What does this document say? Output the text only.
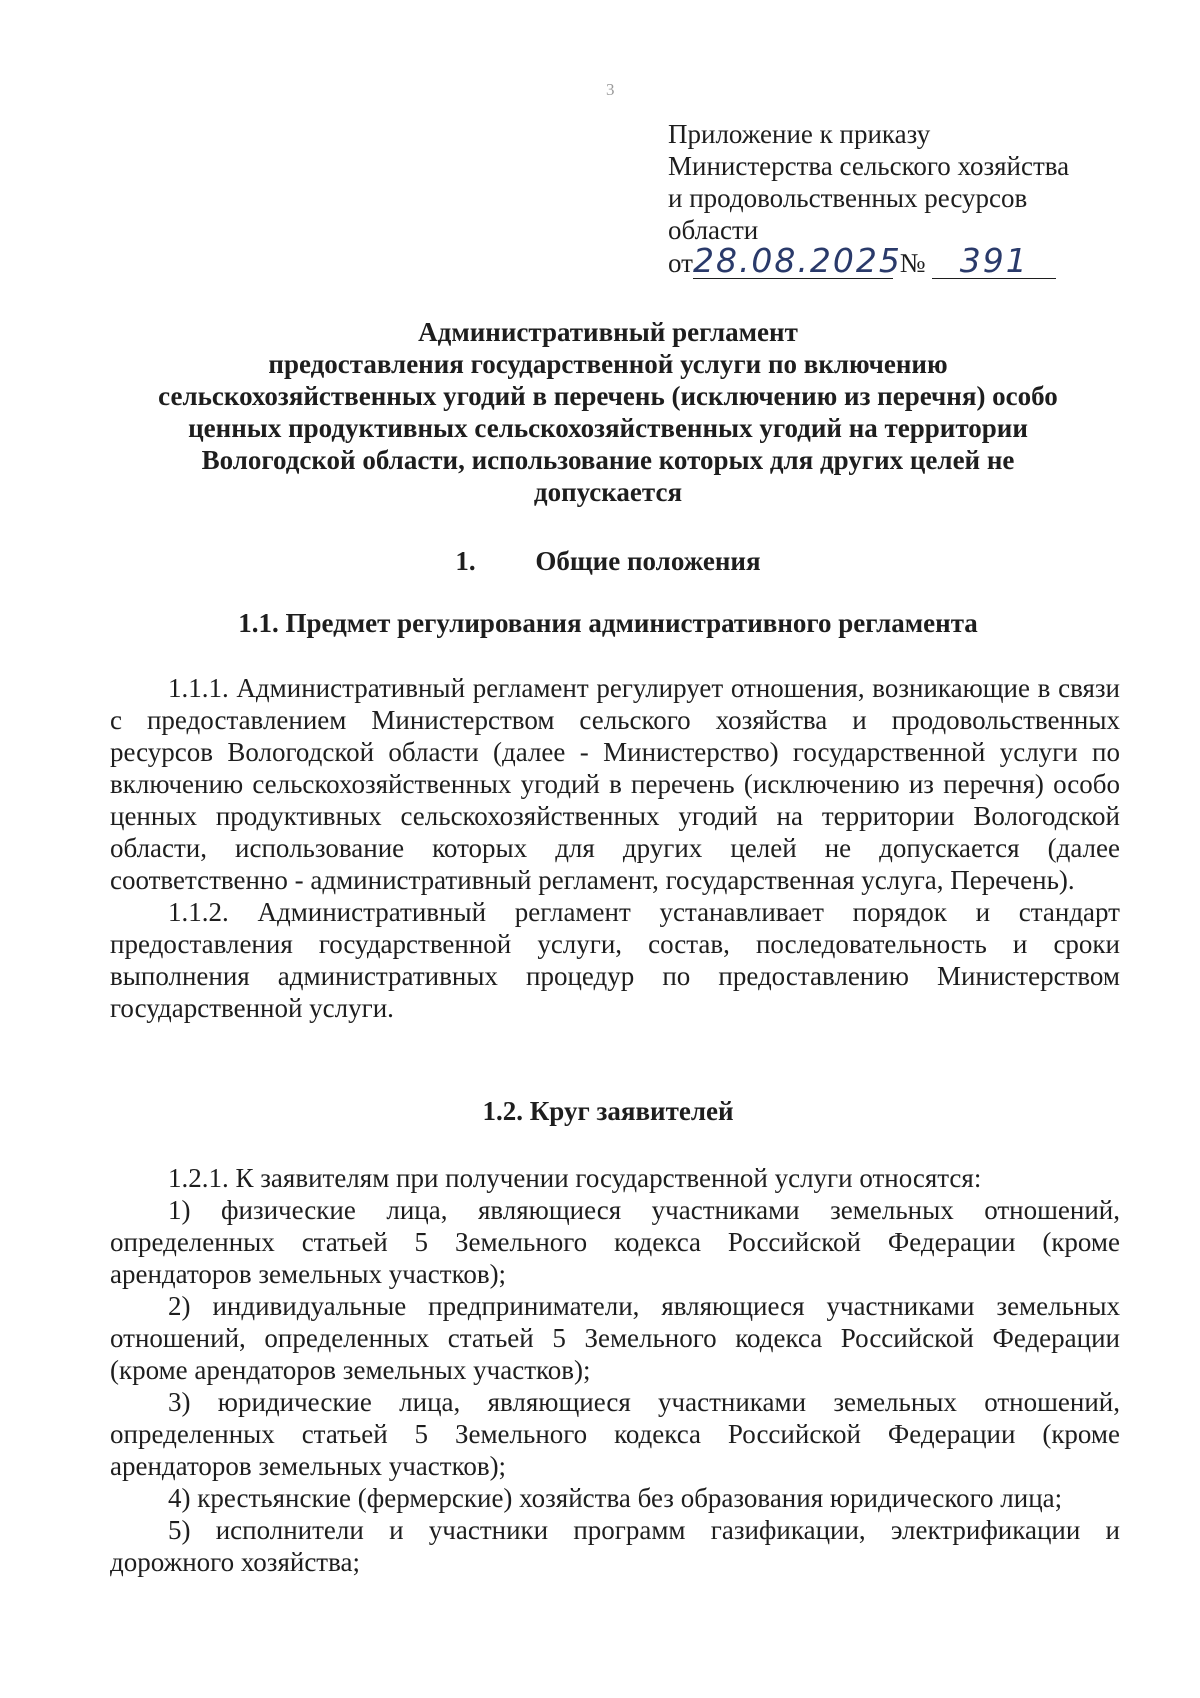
3
Приложение к приказу
Министерства сельского хозяйства
и продовольственных ресурсов
области
от28.08.2025 № 391
Административный регламент
предоставления государственной услуги по включению
сельскохозяйственных угодий в перечень (исключению из перечня) особо
ценных продуктивных сельскохозяйственных угодий на территории
Вологодской области, использование которых для других целей не
допускается
1. Общие положения
1.1. Предмет регулирования административного регламента

1.1.1. Административный регламент регулирует отношения, возникающие в связи с предоставлением Министерством сельского хозяйства и продовольственных ресурсов Вологодской области (далее - Министерство) государственной услуги по включению сельскохозяйственных угодий в перечень (исключению из перечня) особо ценных продуктивных сельскохозяйственных угодий на территории Вологодской области, использование которых для других целей не допускается (далее соответственно - административный регламент, государственная услуга, Перечень).

1.1.2. Административный регламент устанавливает порядок и стандарт предоставления государственной услуги, состав, последовательность и сроки выполнения административных процедур по предоставлению Министерством государственной услуги.

1.2. Круг заявителей

1.2.1. К заявителям при получении государственной услуги относятся:

1) физические лица, являющиеся участниками земельных отношений, определенных статьей 5 Земельного кодекса Российской Федерации (кроме арендаторов земельных участков);

2) индивидуальные предприниматели, являющиеся участниками земельных отношений, определенных статьей 5 Земельного кодекса Российской Федерации (кроме арендаторов земельных участков);

3) юридические лица, являющиеся участниками земельных отношений, определенных статьей 5 Земельного кодекса Российской Федерации (кроме арендаторов земельных участков);

4) крестьянские (фермерские) хозяйства без образования юридического лица;

5) исполнители и участники программ газификации, электрификации и дорожного хозяйства;
